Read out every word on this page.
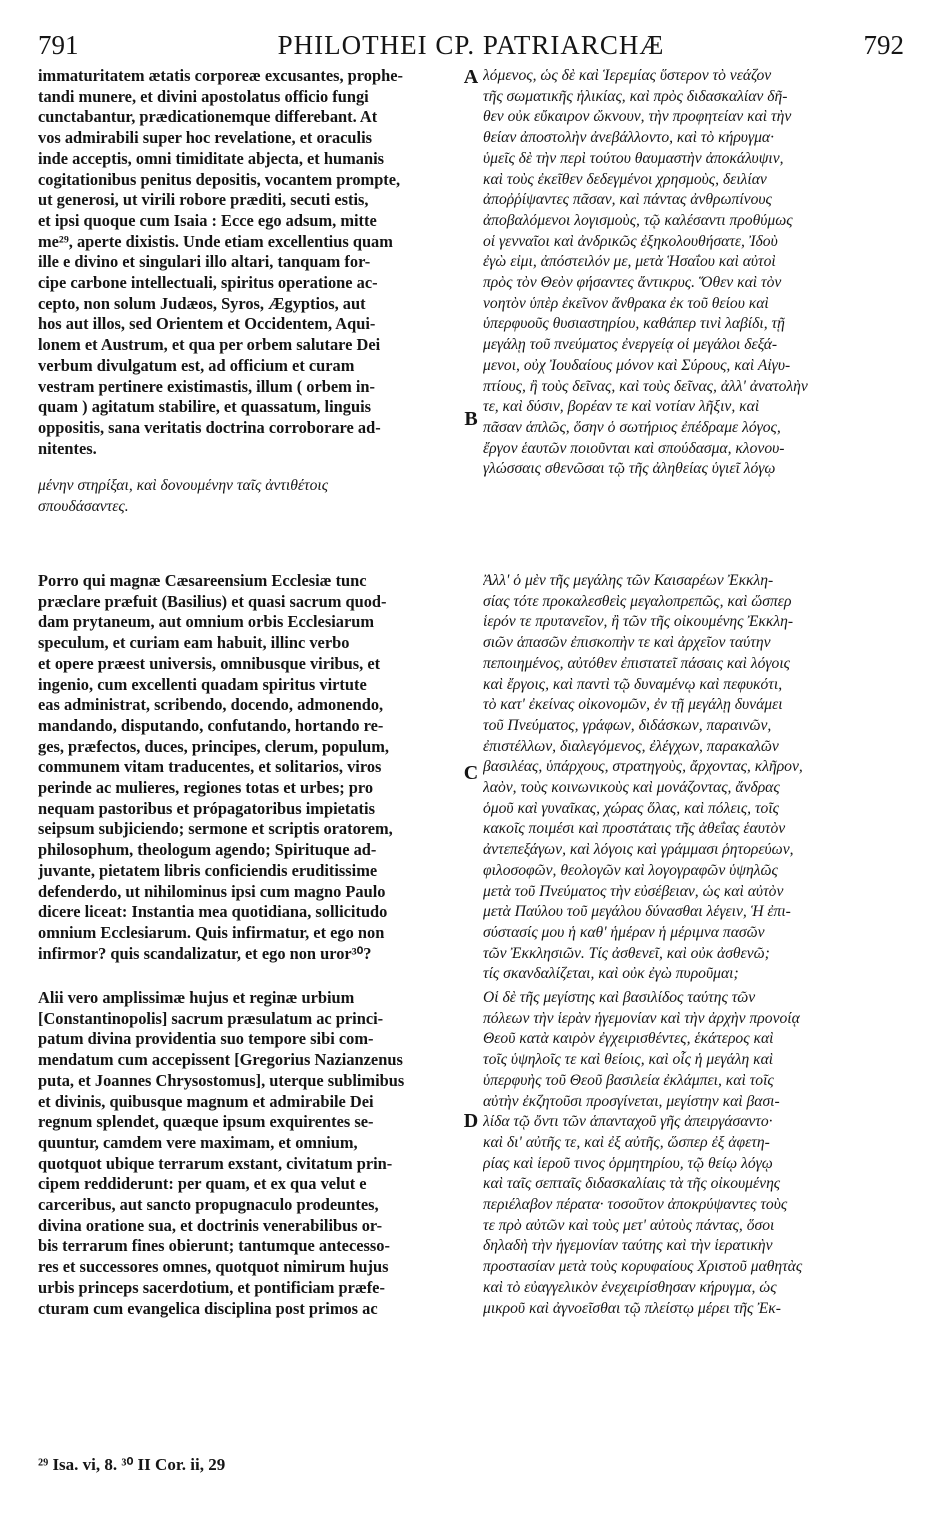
791	PHILOTHEI CP. PATRIARCHÆ	792
immaturitatem ætatis corporeæ excusantes, prophe-
tandi munere, et divini apostolatus officio fungi
cunctabantur, prædicationemque differebant. At
vos admirabili super hoc revelatione, et oraculis
inde acceptis, omni timiditate abjecta, et humanis
cogitationibus penitus depositis, vocantem prompte,
ut generosi, ut virili robore præditi, secuti estis,
et ipsi quoque cum Isaia : Ecce ego adsum, mitte
me²⁹, aperte dixistis. Unde etiam excellentius quam
ille e divino et singulari illo altari, tanquam for-
cipe carbone intellectuali, spiritus operatione ac-
cepto, non solum Judæos, Syros, Ægyptios, aut
hos aut illos, sed Orientem et Occidentem, Aqui-
lonem et Austrum, et qua per orbem salutare Dei
verbum divulgatum est, ad officium et curam
vestram pertinere existimastis, illum ( orbem in-
quam ) agitatum stabilire, et quassatum, linguis
oppositis, sana veritatis doctrina corroborare ad-
nitentes.
μένην στηρίξαι, καὶ δονουμένην ταῖς ἀντιθέτοις
σπουδάσαντες.
Porro qui magnæ Cæsareensium Ecclesiæ tunc
præclare præfuit (Basilius) et quasi sacrum quod-
dam prytaneum, aut omnium orbis Ecclesiarum
speculum, et curiam eam habuit, illinc verbo
et opere præest universis, omnibusque viribus, et
ingenio, cum excellenti quadam spiritus virtute
eas administrat, scribendo, docendo, admonendo,
mandando, disputando, confutando, hortando re-
ges, præfectos, duces, principes, clerum, populum,
communem vitam traducentes, et solitarios, viros
perinde ac mulieres, regiones totas et urbes; pro
nequam pastoribus et própagatoribus impietatis
seipsum subjiciendo; sermone et scriptis oratorem,
philosophum, theologum agendo; Spirituque ad-
juvante, pietatem libris conficiendis eruditissime
defenderdo, ut nihilominus ipsi cum magno Paulo
dicere liceat: Instantia mea quotidiana, sollicitudo
omnium Ecclesiarum. Quis infirmatur, et ego non
infirmor? quis scandalizatur, et ego non uror³⁰?
Alii vero amplissimæ hujus et reginæ urbium
[Constantinopolis] sacrum præsulatum ac princi-
patum divina providentia suo tempore sibi com-
mendatum cum accepissent [Gregorius Nazianzenus
puta, et Joannes Chrysostomus], uterque sublimibus
et divinis, quibusque magnum et admirabile Dei
regnum splendet, quæque ipsum exquirentes se-
quuntur, camdem vere maximam, et omnium,
quotquot ubique terrarum exstant, civitatum prin-
cipem reddiderunt: per quam, et ex qua velut e
carceribus, aut sancto propugnaculo prodeuntes,
divina oratione sua, et doctrinis venerabilibus or-
bis terrarum fines obierunt; tantumque antecesso-
res et successores omnes, quotquot nimirum hujus
urbis princeps sacerdotium, et pontificiam præfe-
cturam cum evangelica disciplina post primos ac
λόμενος, ὡς δὲ καὶ Ἱερεμίας ὕστερον τὸ νεάζον
τῆς σωματικῆς ἡλικίας, καὶ πρὸς διδασκαλίαν δῆ-
θεν οὐκ εὔκαιρον ὤκνουν, τὴν προφητείαν καὶ τὴν
θείαν ἀποστολὴν ἀνεβάλλοντο, καὶ τὸ κήρυγμα·
ὑμεῖς δὲ τὴν περὶ τούτου θαυμαστὴν ἀποκάλυψιν,
καὶ τοὺς ἐκεῖθεν δεδεγμένοι χρησμοὺς, δειλίαν
ἀποῤῥίψαντες πᾶσαν, καὶ πάντας ἀνθρωπίνους
ἀποβαλόμενοι λογισμοὺς, τῷ καλέσαντι προθύμως
οἱ γενναῖοι καὶ ἀνδρικῶς ἐξηκολουθήσατε, Ἰδοὺ
ἐγὼ εἰμι, ἀπόστειλόν με, μετὰ Ἡσαΐου καὶ αὐτοὶ
πρὸς τὸν Θεὸν φήσαντες ἄντικρυς. Ὅθεν καὶ τὸν
νοητὸν ὑπὲρ ἐκεῖνον ἄνθρακα ἐκ τοῦ θείου καὶ
ὑπερφυοῦς θυσιαστηρίου, καθάπερ τινὶ λαβίδι, τῇ
μεγάλῃ τοῦ πνεύματος ἐνεργείᾳ οἱ μεγάλοι δεξά-
μενοι, οὐχ Ἰουδαίους μόνον καὶ Σύρους, καὶ Αἰγυ-
πτίους, ἢ τοὺς δεῖνας, καὶ τοὺς δεῖνας, ἀλλ' ἀνατολὴν
τε, καὶ δύσιν, βορέαν τε καὶ νοτίαν λῆξιν, καὶ
πᾶσαν ἁπλῶς, ὅσην ὁ σωτήριος ἐπέδραμε λόγος,
ἔργον ἑαυτῶν ποιοῦνται καὶ σπούδασμα, κλονου-
γλώσσαις σθενῶσαι τῷ τῆς ἀληθείας ὑγιεῖ λόγῳ
Ἀλλ' ὁ μὲν τῆς μεγάλης τῶν Καισαρέων Ἐκκλη-
σίας τότε προκαλεσθεὶς μεγαλοπρεπῶς, καὶ ὥσπερ
ἱερόν τε πρυτανεῖον, ἢ τῶν τῆς οἰκουμένης Ἐκκλη-
σιῶν ἁπασῶν ἐπισκοπὴν τε καὶ ἀρχεῖον ταύτην
πεποιημένος, αὐτόθεν ἐπιστατεῖ πάσαις καὶ λόγοις
καὶ ἔργοις, καὶ παντὶ τῷ δυναμένῳ καὶ πεφυκότι,
τὸ κατ' ἐκείνας οἰκονομῶν, ἐν τῇ μεγάλῃ δυνάμει
τοῦ Πνεύματος, γράφων, διδάσκων, παραινῶν,
ἐπιστέλλων, διαλεγόμενος, ἐλέγχων, παρακαλῶν
βασιλέας, ὑπάρχους, στρατηγοὺς, ἄρχοντας, κλῆρον,
λαὸν, τοὺς κοινωνικοὺς καὶ μονάζοντας, ἄνδρας
ὁμοῦ καὶ γυναῖκας, χώρας ὅλας, καὶ πόλεις, τοῖς
κακοῖς ποιμέσι καὶ προστάταις τῆς ἀθεΐας ἑαυτὸν
ἀντεπεξάγων, καὶ λόγοις καὶ γράμμασι ῥητορεύων,
φιλοσοφῶν, θεολογῶν καὶ λογογραφῶν ὑψηλῶς
μετὰ τοῦ Πνεύματος τὴν εὐσέβειαν, ὡς καὶ αὐτὸν
μετὰ Παύλου τοῦ μεγάλου δύνασθαι λέγειν, Ἡ ἐπι-
σύστασίς μου ἡ καθ' ἡμέραν ἡ μέριμνα πασῶν
τῶν Ἐκκλησιῶν. Τίς ἀσθενεῖ, καὶ οὐκ ἀσθενῶ;
τίς σκανδαλίζεται, καὶ οὐκ ἐγὼ πυροῦμαι;
Οἱ δὲ τῆς μεγίστης καὶ βασιλίδος ταύτης τῶν
πόλεων τὴν ἱερὰν ἡγεμονίαν καὶ τὴν ἀρχὴν προνοίᾳ
Θεοῦ κατὰ καιρὸν ἐγχειρισθέντες, ἑκάτερος καὶ
τοῖς ὑψηλοῖς τε καὶ θείοις, καὶ οἷς ἡ μεγάλη καὶ
ὑπερφυὴς τοῦ Θεοῦ βασιλεία ἐκλάμπει, καὶ τοῖς
αὐτὴν ἐκζητοῦσι προσγίνεται, μεγίστην καὶ βασι-
λίδα τῷ ὄντι τῶν ἁπανταχοῦ γῆς ἀπειργάσαντο·
καὶ δι' αὐτῆς τε, καὶ ἐξ αὐτῆς, ὥσπερ ἐξ ἀφετη-
ρίας καὶ ἱεροῦ τινος ὁρμητηρίου, τῷ θείῳ λόγῳ
καὶ ταῖς σεπταῖς διδασκαλίαις τὰ τῆς οἰκουμένης
περιέλαβον πέρατα· τοσοῦτον ἀποκρύψαντες τοὺς
τε πρὸ αὐτῶν καὶ τοὺς μετ' αὐτοὺς πάντας, ὅσοι
δηλαδὴ τὴν ἡγεμονίαν ταύτης καὶ τὴν ἱερατικὴν
προστασίαν μετὰ τοὺς κορυφαίους Χριστοῦ μαθητὰς
καὶ τὸ εὐαγγελικὸν ἐνεχειρίσθησαν κήρυγμα, ὡς
μικροῦ καὶ ἀγνοεῖσθαι τῷ πλείστῳ μέρει τῆς Ἐκ-
A
B
C
D
²⁹ Isa. vi, 8. ³⁰ II Cor. ii, 29
